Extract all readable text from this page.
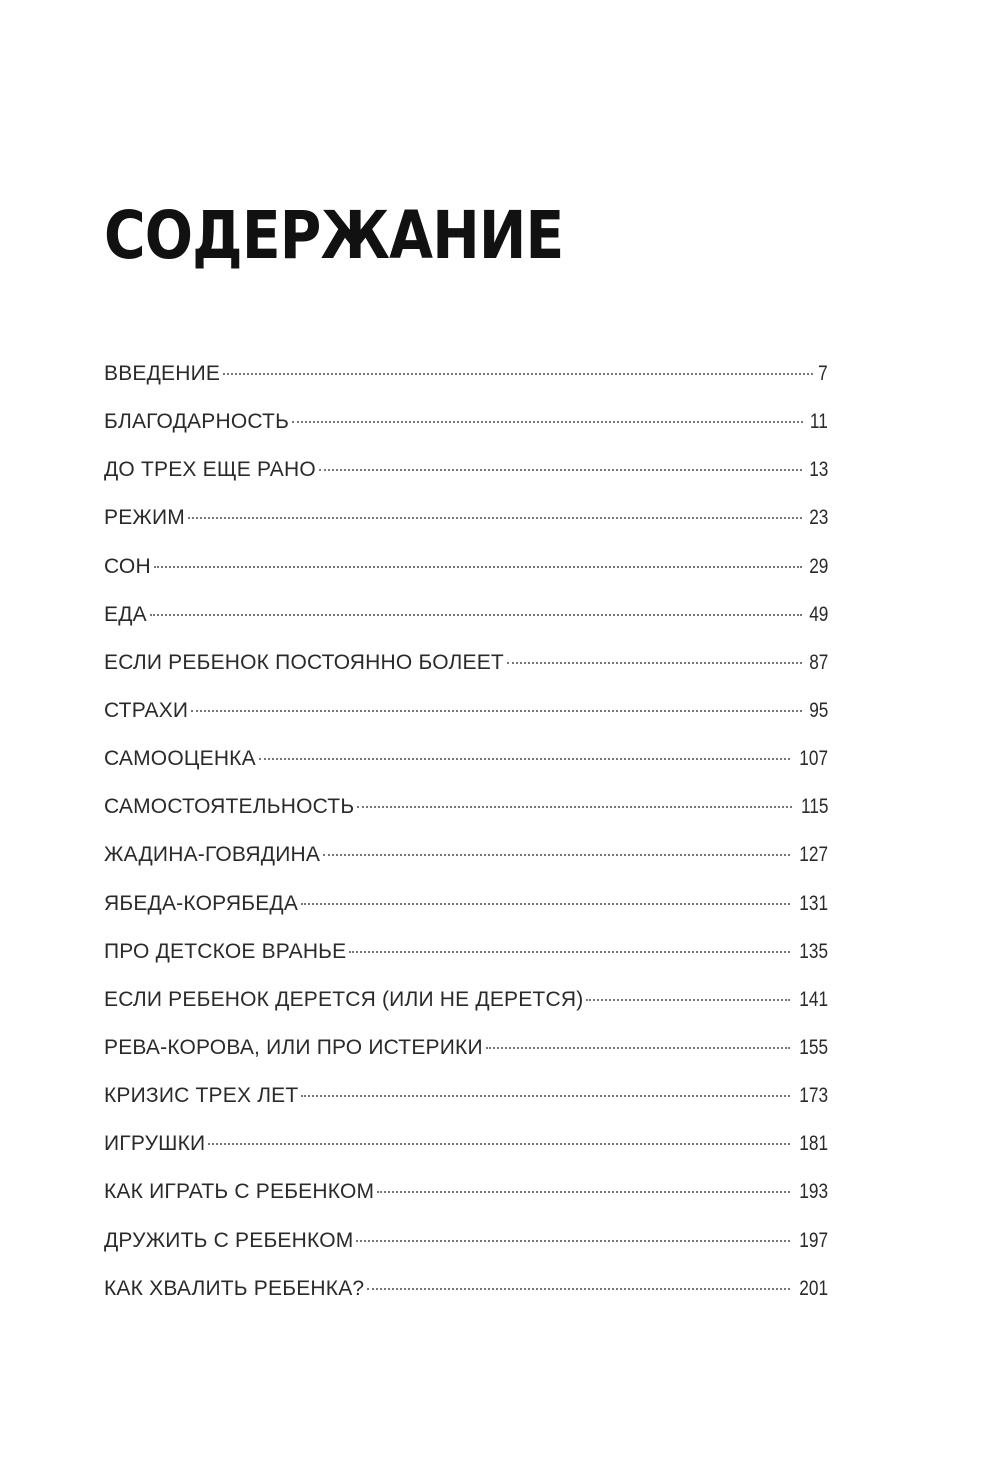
СОДЕРЖАНИЕ
ВВЕДЕНИЕ	7
БЛАГОДАРНОСТЬ	11
ДО ТРЕХ ЕЩЕ РАНО	13
РЕЖИМ	23
СОН	29
ЕДА	49
ЕСЛИ РЕБЕНОК ПОСТОЯННО БОЛЕЕТ	87
СТРАХИ	95
САМООЦЕНКА	107
САМОСТОЯТЕЛЬНОСТЬ	115
ЖАДИНА-ГОВЯДИНА	127
ЯБЕДА-КОРЯБЕДА	131
ПРО ДЕТСКОЕ ВРАНЬЕ	135
ЕСЛИ РЕБЕНОК ДЕРЕТСЯ (ИЛИ НЕ ДЕРЕТСЯ)	141
РЕВА-КОРОВА, ИЛИ ПРО ИСТЕРИКИ	155
КРИЗИС ТРЕХ ЛЕТ	173
ИГРУШКИ	181
КАК ИГРАТЬ С РЕБЕНКОМ	193
ДРУЖИТЬ С РЕБЕНКОМ	197
КАК ХВАЛИТЬ РЕБЕНКА?	201
